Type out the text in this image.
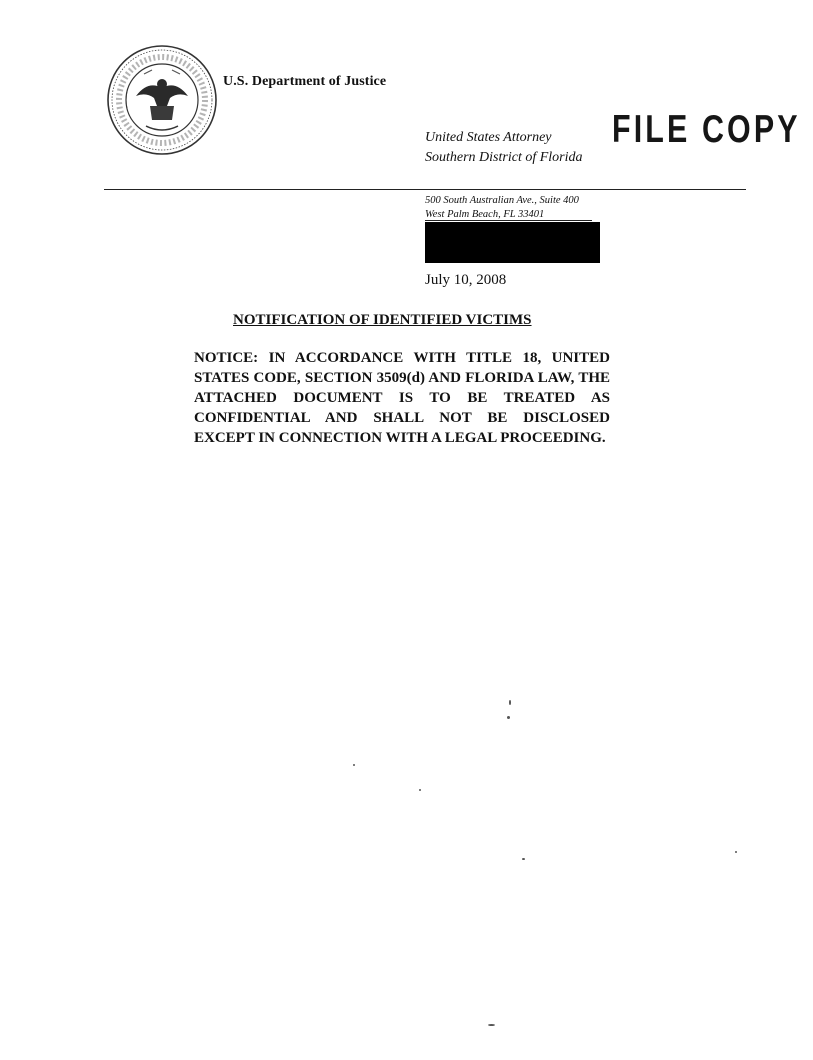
U.S. Department of Justice
United States Attorney
Southern District of Florida
FILE COPY
500 South Australian Ave., Suite 400
West Palm Beach, FL 33401
July 10, 2008
NOTIFICATION OF IDENTIFIED VICTIMS
NOTICE: IN ACCORDANCE WITH TITLE 18, UNITED STATES CODE, SECTION 3509(d) AND FLORIDA LAW, THE ATTACHED DOCUMENT IS TO BE TREATED AS CONFIDENTIAL AND SHALL NOT BE DISCLOSED EXCEPT IN CONNECTION WITH A LEGAL PROCEEDING.
